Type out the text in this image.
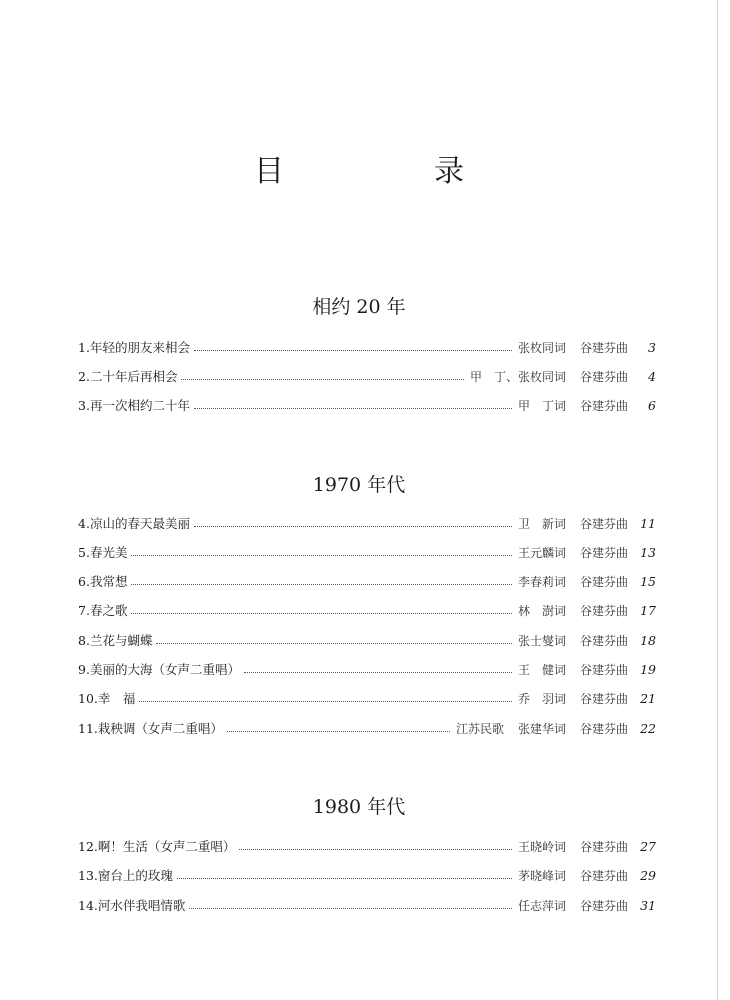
目　录
相约 20 年
1. 年轻的朋友来相会	张枚同词 谷建芬曲	3
2. 二十年后再相会	甲　丁、张枚同词 谷建芬曲	4
3. 再一次相约二十年	甲　丁词 谷建芬曲	6
1970 年代
4. 凉山的春天最美丽	卫　新词 谷建芬曲 11
5. 春光美	王元麟词 谷建芬曲 13
6. 我常想	李春莉词 谷建芬曲 15
7. 春之歌	林　澍词 谷建芬曲 17
8. 兰花与蝴蝶	张士燮词 谷建芬曲 18
9. 美丽的大海（女声二重唱）	王　健词 谷建芬曲 19
10. 幸　福	乔　羽词 谷建芬曲 21
11. 栽秧调（女声二重唱）	江苏民歌 张建华词 谷建芬曲 22
1980 年代
12. 啊！生活（女声二重唱）	王晓岭词 谷建芬曲 27
13. 窗台上的玫瑰	茅晓峰词 谷建芬曲 29
14. 河水伴我唱情歌	任志萍词 谷建芬曲 31
